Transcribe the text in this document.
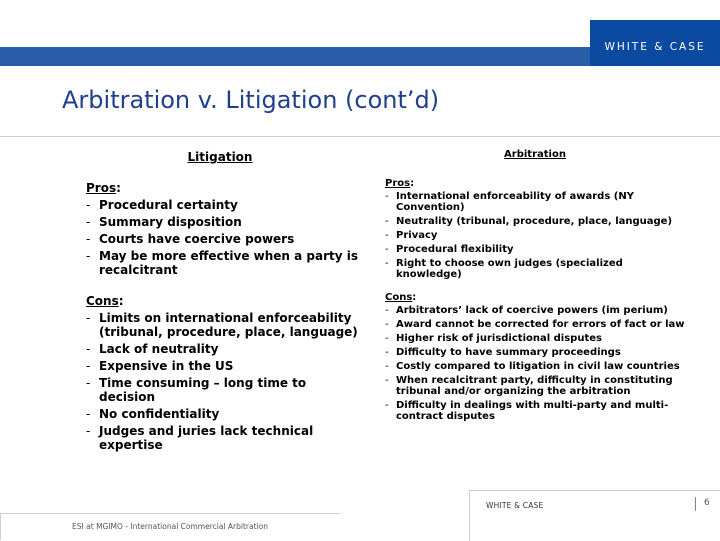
WHITE & CASE
Arbitration v. Litigation (cont’d)
Litigation
Pros:
- Procedural certainty
- Summary disposition
- Courts have coercive powers
- May be more effective when a party is recalcitrant
Cons:
- Limits on international enforceability (tribunal, procedure, place, language)
- Lack of neutrality
- Expensive in the US
- Time consuming – long time to decision
- No confidentiality
- Judges and juries lack technical expertise
Arbitration
Pros:
- International enforceability of awards (NY Convention)
- Neutrality (tribunal, procedure, place, language)
- Privacy
- Procedural flexibility
- Right to choose own judges (specialized knowledge)
Cons:
- Arbitrators’ lack of coercive powers (im perium)
- Award cannot be corrected for errors of fact or law
- Higher risk of jurisdictional disputes
- Difficulty to have summary proceedings
- Costly compared to litigation in civil law countries
- When recalcitrant party, difficulty in constituting tribunal and/or organizing the arbitration
- Difficulty in dealings with multi-party and multi-contract disputes
ESI at MGIMO - International Commercial Arbitration
WHITE & CASE	6
